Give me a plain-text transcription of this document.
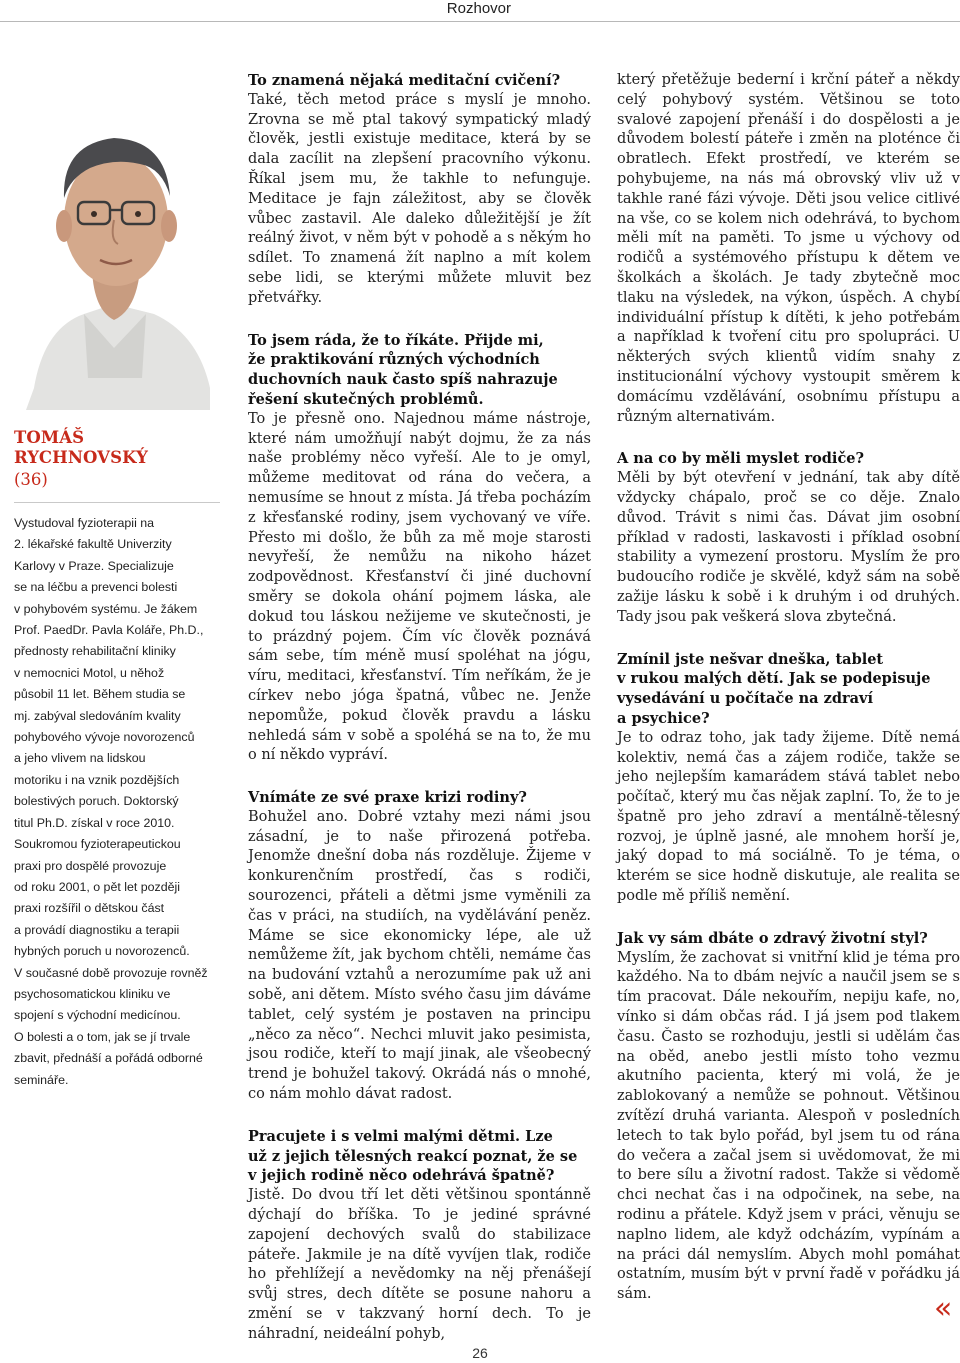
Rozhovor
TOMÁŠ RYCHNOVSKÝ
(36)
Vystudoval fyzioterapii na
2. lékařské fakultě Univerzity
Karlovy v Praze. Specializuje
se na léčbu a prevenci bolesti
v pohybovém systému. Je žákem
Prof. PaedDr. Pavla Koláře, Ph.D.,
přednosty rehabilitační kliniky
v nemocnici Motol, u něhož
působil 11 let. Během studia se
mj. zabýval sledováním kvality
pohybového vývoje novorozenců
a jeho vlivem na lidskou
motoriku i na vznik pozdějších
bolestivých poruch. Doktorský
titul Ph.D. získal v roce 2010.
Soukromou fyzioterapeutickou
praxi pro dospělé provozuje
od roku 2001, o pět let později
praxi rozšířil o dětskou část
a provádí diagnostiku a terapii
hybných poruch u novorozenců.
V současné době provozuje rovněž
psychosomatickou kliniku ve
spojení s východní medicínou.
O bolesti a o tom, jak se jí trvale
zbavit, přednáší a pořádá odborné
semináře.

To znamená nějaká meditační cvičení?

Také, těch metod práce s myslí je mnoho. Zrovna se mě ptal takový sympatický mladý člověk, jestli existuje meditace, která by se dala zacílit na zlepšení pracovního výkonu. Říkal jsem mu, že takhle to nefunguje. Meditace je fajn záležitost, aby se člověk vůbec zastavil. Ale daleko důležitější je žít reálný život, v něm být v pohodě a s někým ho sdílet. To znamená žít naplno a mít kolem sebe lidi, se kterými můžete mluvit bez přetvářky.

To jsem ráda, že to říkáte. Přijde mi,
že praktikování různých východních
duchovních nauk často spíš nahrazuje
řešení skutečných problémů.

To je přesně ono. Najednou máme nástroje, které nám umožňují nabýt dojmu, že za nás naše problémy něco vyřeší. Ale to je omyl, můžeme meditovat od rána do večera, a nemusíme se hnout z místa. Já třeba pocházím z křesťanské rodiny, jsem vychovaný ve víře. Přesto mi došlo, že bůh za mě moje starosti nevyřeší, že nemůžu na nikoho házet zodpovědnost. Křesťanství či jiné duchovní směry se dokola ohání pojmem láska, ale dokud tou láskou nežijeme ve skutečnosti, je to prázdný pojem. Čím víc člověk poznává sám sebe, tím méně musí spoléhat na jógu, víru, meditaci, křesťanství. Tím neříkám, že je církev nebo jóga špatná, vůbec ne. Jenže nepomůže, pokud člověk pravdu a lásku nehledá sám v sobě a spoléhá se na to, že mu o ní někdo vypráví.

Vnímáte ze své praxe krizi rodiny?

Bohužel ano. Dobré vztahy mezi námi jsou zásadní, je to naše přirozená potřeba. Jenomže dnešní doba nás rozděluje. Žijeme v konkurenčním prostředí, čas s rodiči, sourozenci, přáteli a dětmi jsme vyměnili za čas v práci, na studiích, na vydělávání peněz. Máme se sice ekonomicky lépe, ale už nemůžeme žít, jak bychom chtěli, nemáme čas na budování vztahů a nerozumíme pak už ani sobě, ani dětem. Místo svého času jim dáváme tablet, celý systém je postaven na principu „něco za něco“. Nechci mluvit jako pesimista, jsou rodiče, kteří to mají jinak, ale všeobecný trend je bohužel takový. Okrádá nás o mnohé, co nám mohlo dávat radost.

Pracujete i s velmi malými dětmi. Lze
už z jejich tělesných reakcí poznat, že se
v jejich rodině něco odehrává špatně?

Jistě. Do dvou tří let děti většinou spontánně dýchají do bříška. To je jediné správné zapojení dechových svalů do stabilizace páteře. Jakmile je na dítě vyvíjen tlak, rodiče ho přehlížejí a nevědomky na něj přenášejí svůj stres, dech dítěte se posune nahoru a změní se v takzvaný horní dech. To je náhradní, neideální pohyb,

který přetěžuje bederní i krční páteř a někdy celý pohybový systém. Většinou se toto svalové zapojení přenáší i do dospělosti a je důvodem bolestí páteře i změn na ploténce či obratlech. Efekt prostředí, ve kterém se pohybujeme, na nás má obrovský vliv už v takhle rané fázi vývoje. Děti jsou velice citlivé na vše, co se kolem nich odehrává, to bychom měli mít na paměti. To jsme u výchovy od rodičů a systémového přístupu k dětem ve školkách a školách. Je tady zbytečně moc tlaku na výsledek, na výkon, úspěch. A chybí individuální přístup k dítěti, k jeho potřebám a například k tvoření citu pro spolupráci. U některých svých klientů vidím snahy z institucionální výchovy vystoupit směrem k domácímu vzdělávání, osobnímu přístupu a různým alternativám.

A na co by měli myslet rodiče?

Měli by být otevření v jednání, tak aby dítě vždycky chápalo, proč se co děje. Znalo důvod. Trávit s nimi čas. Dávat jim osobní příklad v radosti, laskavosti i příklad osobní stability a vymezení prostoru. Myslím že pro budoucího rodiče je skvělé, když sám na sobě zažije lásku k sobě i k druhým i od druhých. Tady jsou pak veškerá slova zbytečná.

Zmínil jste nešvar dneška, tablet
v rukou malých dětí. Jak se podepisuje
vysedávání u počítače na zdraví
a psychice?

Je to odraz toho, jak tady žijeme. Dítě nemá kolektiv, nemá čas a zájem rodiče, takže se jeho nejlepším kamarádem stává tablet nebo počítač, který mu čas nějak zaplní. To, že to je špatně pro jeho zdraví a mentálně-tělesný rozvoj, je úplně jasné, ale mnohem horší je, jaký dopad to má sociálně. To je téma, o kterém se sice hodně diskutuje, ale realita se podle mě příliš nemění.

Jak vy sám dbáte o zdravý životní styl?

Myslím, že zachovat si vnitřní klid je téma pro každého. Na to dbám nejvíc a naučil jsem se s tím pracovat. Dále nekouřím, nepiju kafe, no, vínko si dám občas rád. I já jsem pod tlakem času. Často se rozhoduju, jestli si udělám čas na oběd, anebo jestli místo toho vezmu akutního pacienta, který mi volá, že je zablokovaný a nemůže se pohnout. Většinou zvítězí druhá varianta. Alespoň v posledních letech to tak bylo pořád, byl jsem tu od rána do večera a začal jsem si uvědomovat, že mi to bere sílu a životní radost. Takže si vědomě chci nechat čas i na odpočinek, na sebe, na rodinu a přátele. Když jsem v práci, věnuju se naplno lidem, ale když odcházím, vypínám a na práci dál nemyslím. Abych mohl pomáhat ostatním, musím být v první řadě v pořádku já sám.	«
26
